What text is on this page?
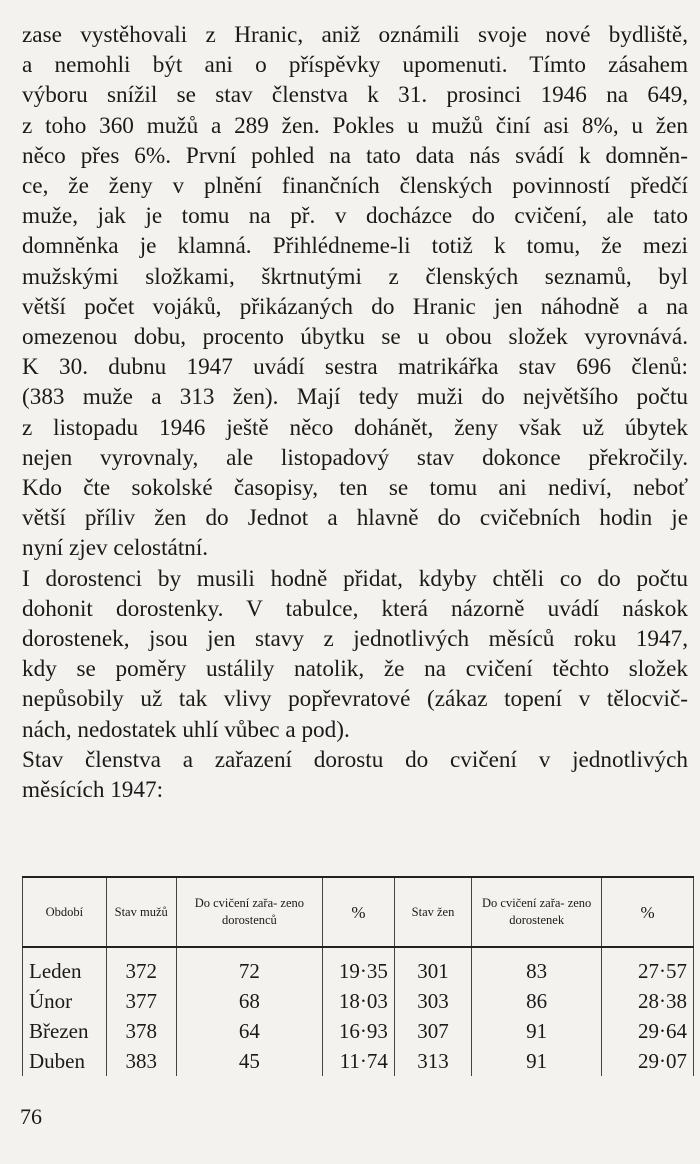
zase vystěhovali z Hranic, aniž oznámili svoje nové bydliště,
a nemohli být ani o příspěvky upomenuti. Tímto zásahem
výboru snížil se stav členstva k 31. prosinci 1946 na 649,
z toho 360 mužů a 289 žen. Pokles u mužů činí asi 8%, u žen
něco přes 6%. První pohled na tato data nás svádí k domněn-
ce, že ženy v plnění finančních členských povinností předčí
muže, jak je tomu na př. v docházce do cvičení, ale tato
domněnka je klamná. Přihlédneme-li totiž k tomu, že mezi
mužskými složkami, škrtnutými z členských seznamů, byl
větší počet vojáků, přikázaných do Hranic jen náhodně a na
omezenou dobu, procento úbytku se u obou složek vyrovnává.
K 30. dubnu 1947 uvádí sestra matrikářka stav 696 členů:
(383 muže a 313 žen). Mají tedy muži do největšího počtu
z listopadu 1946 ještě něco dohánět, ženy však už úbytek
nejen vyrovnaly, ale listopadový stav dokonce překročily.
Kdo čte sokolské časopisy, ten se tomu ani nediví, neboť
větší příliv žen do Jednot a hlavně do cvičebních hodin je
nyní zjev celostátní.
I dorostenci by musili hodně přidat, kdyby chtěli co do počtu
dohonit dorostenky. V tabulce, která názorně uvádí náskok
dorostenek, jsou jen stavy z jednotlivých měsíců roku 1947,
kdy se poměry ustálily natolik, že na cvičení těchto složek
nepůsobily už tak vlivy popřevratové (zákaz topení v tělocvič-
nách, nedostatek uhlí vůbec a pod).
Stav členstva a zařazení dorostu do cvičení v jednotlivých
měsících 1947:
Období	Stav mužů	Do cvičení zařa- zeno dorostenců	%	Stav žen	Do cvičení zařa- zeno dorostenek	%
Leden	372	72	19·35	301	83	27·57
Únor	377	68	18·03	303	86	28·38
Březen	378	64	16·93	307	91	29·64
Duben	383	45	11·74	313	91	29·07
76
